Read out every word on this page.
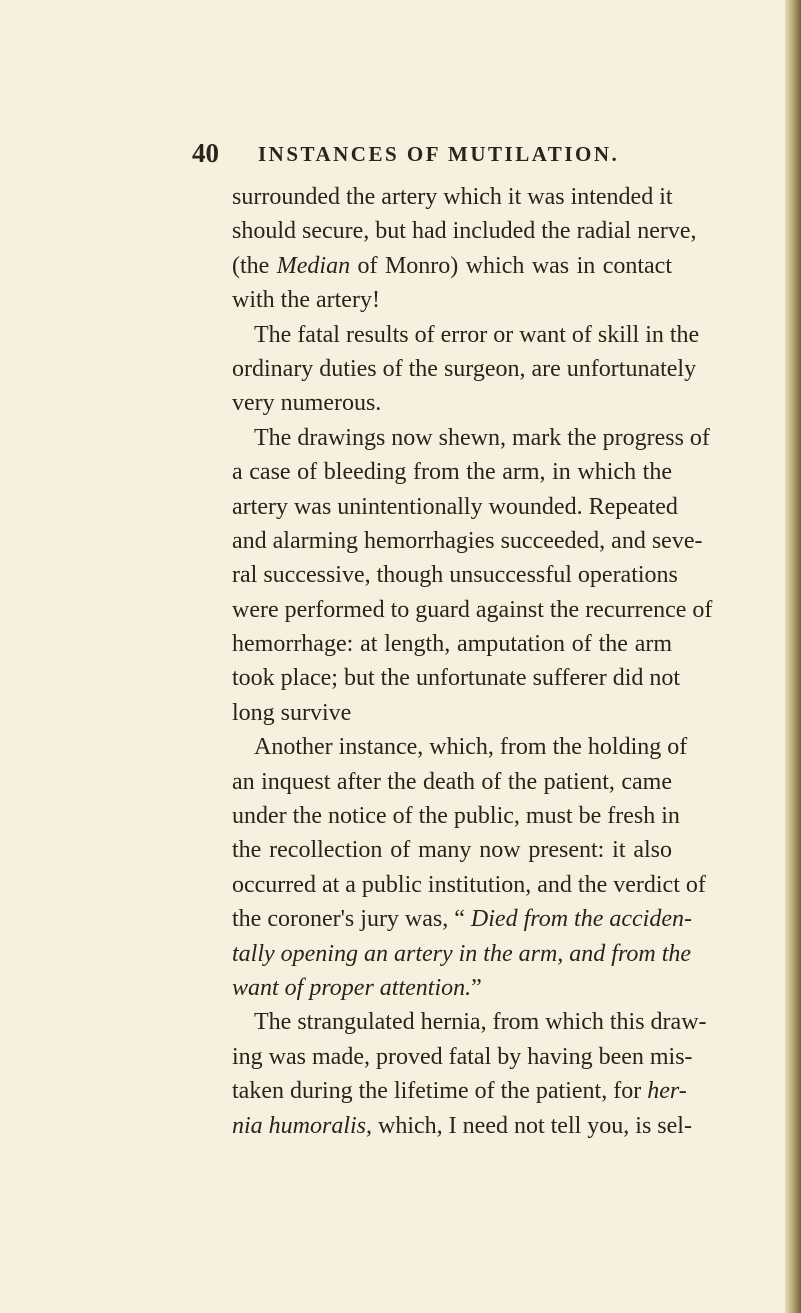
40 INSTANCES OF MUTILATION.
surrounded the artery which it was intended it
should secure, but had included the radial nerve,
(the Median of Monro) which was in contact
with the artery!
The fatal results of error or want of skill in the
ordinary duties of the surgeon, are unfortunately
very numerous.
The drawings now shewn, mark the progress of
a case of bleeding from the arm, in which the
artery was unintentionally wounded. Repeated
and alarming hemorrhagies succeeded, and seve-
ral successive, though unsuccessful operations
were performed to guard against the recurrence of
hemorrhage: at length, amputation of the arm
took place; but the unfortunate sufferer did not
long survive
Another instance, which, from the holding of
an inquest after the death of the patient, came
under the notice of the public, must be fresh in
the recollection of many now present: it also
occurred at a public institution, and the verdict of
the coroner's jury was, “ Died from the acciden-
tally opening an artery in the arm, and from the
want of proper attention.”
The strangulated hernia, from which this draw-
ing was made, proved fatal by having been mis-
taken during the lifetime of the patient, for her-
nia humoralis, which, I need not tell you, is sel-
